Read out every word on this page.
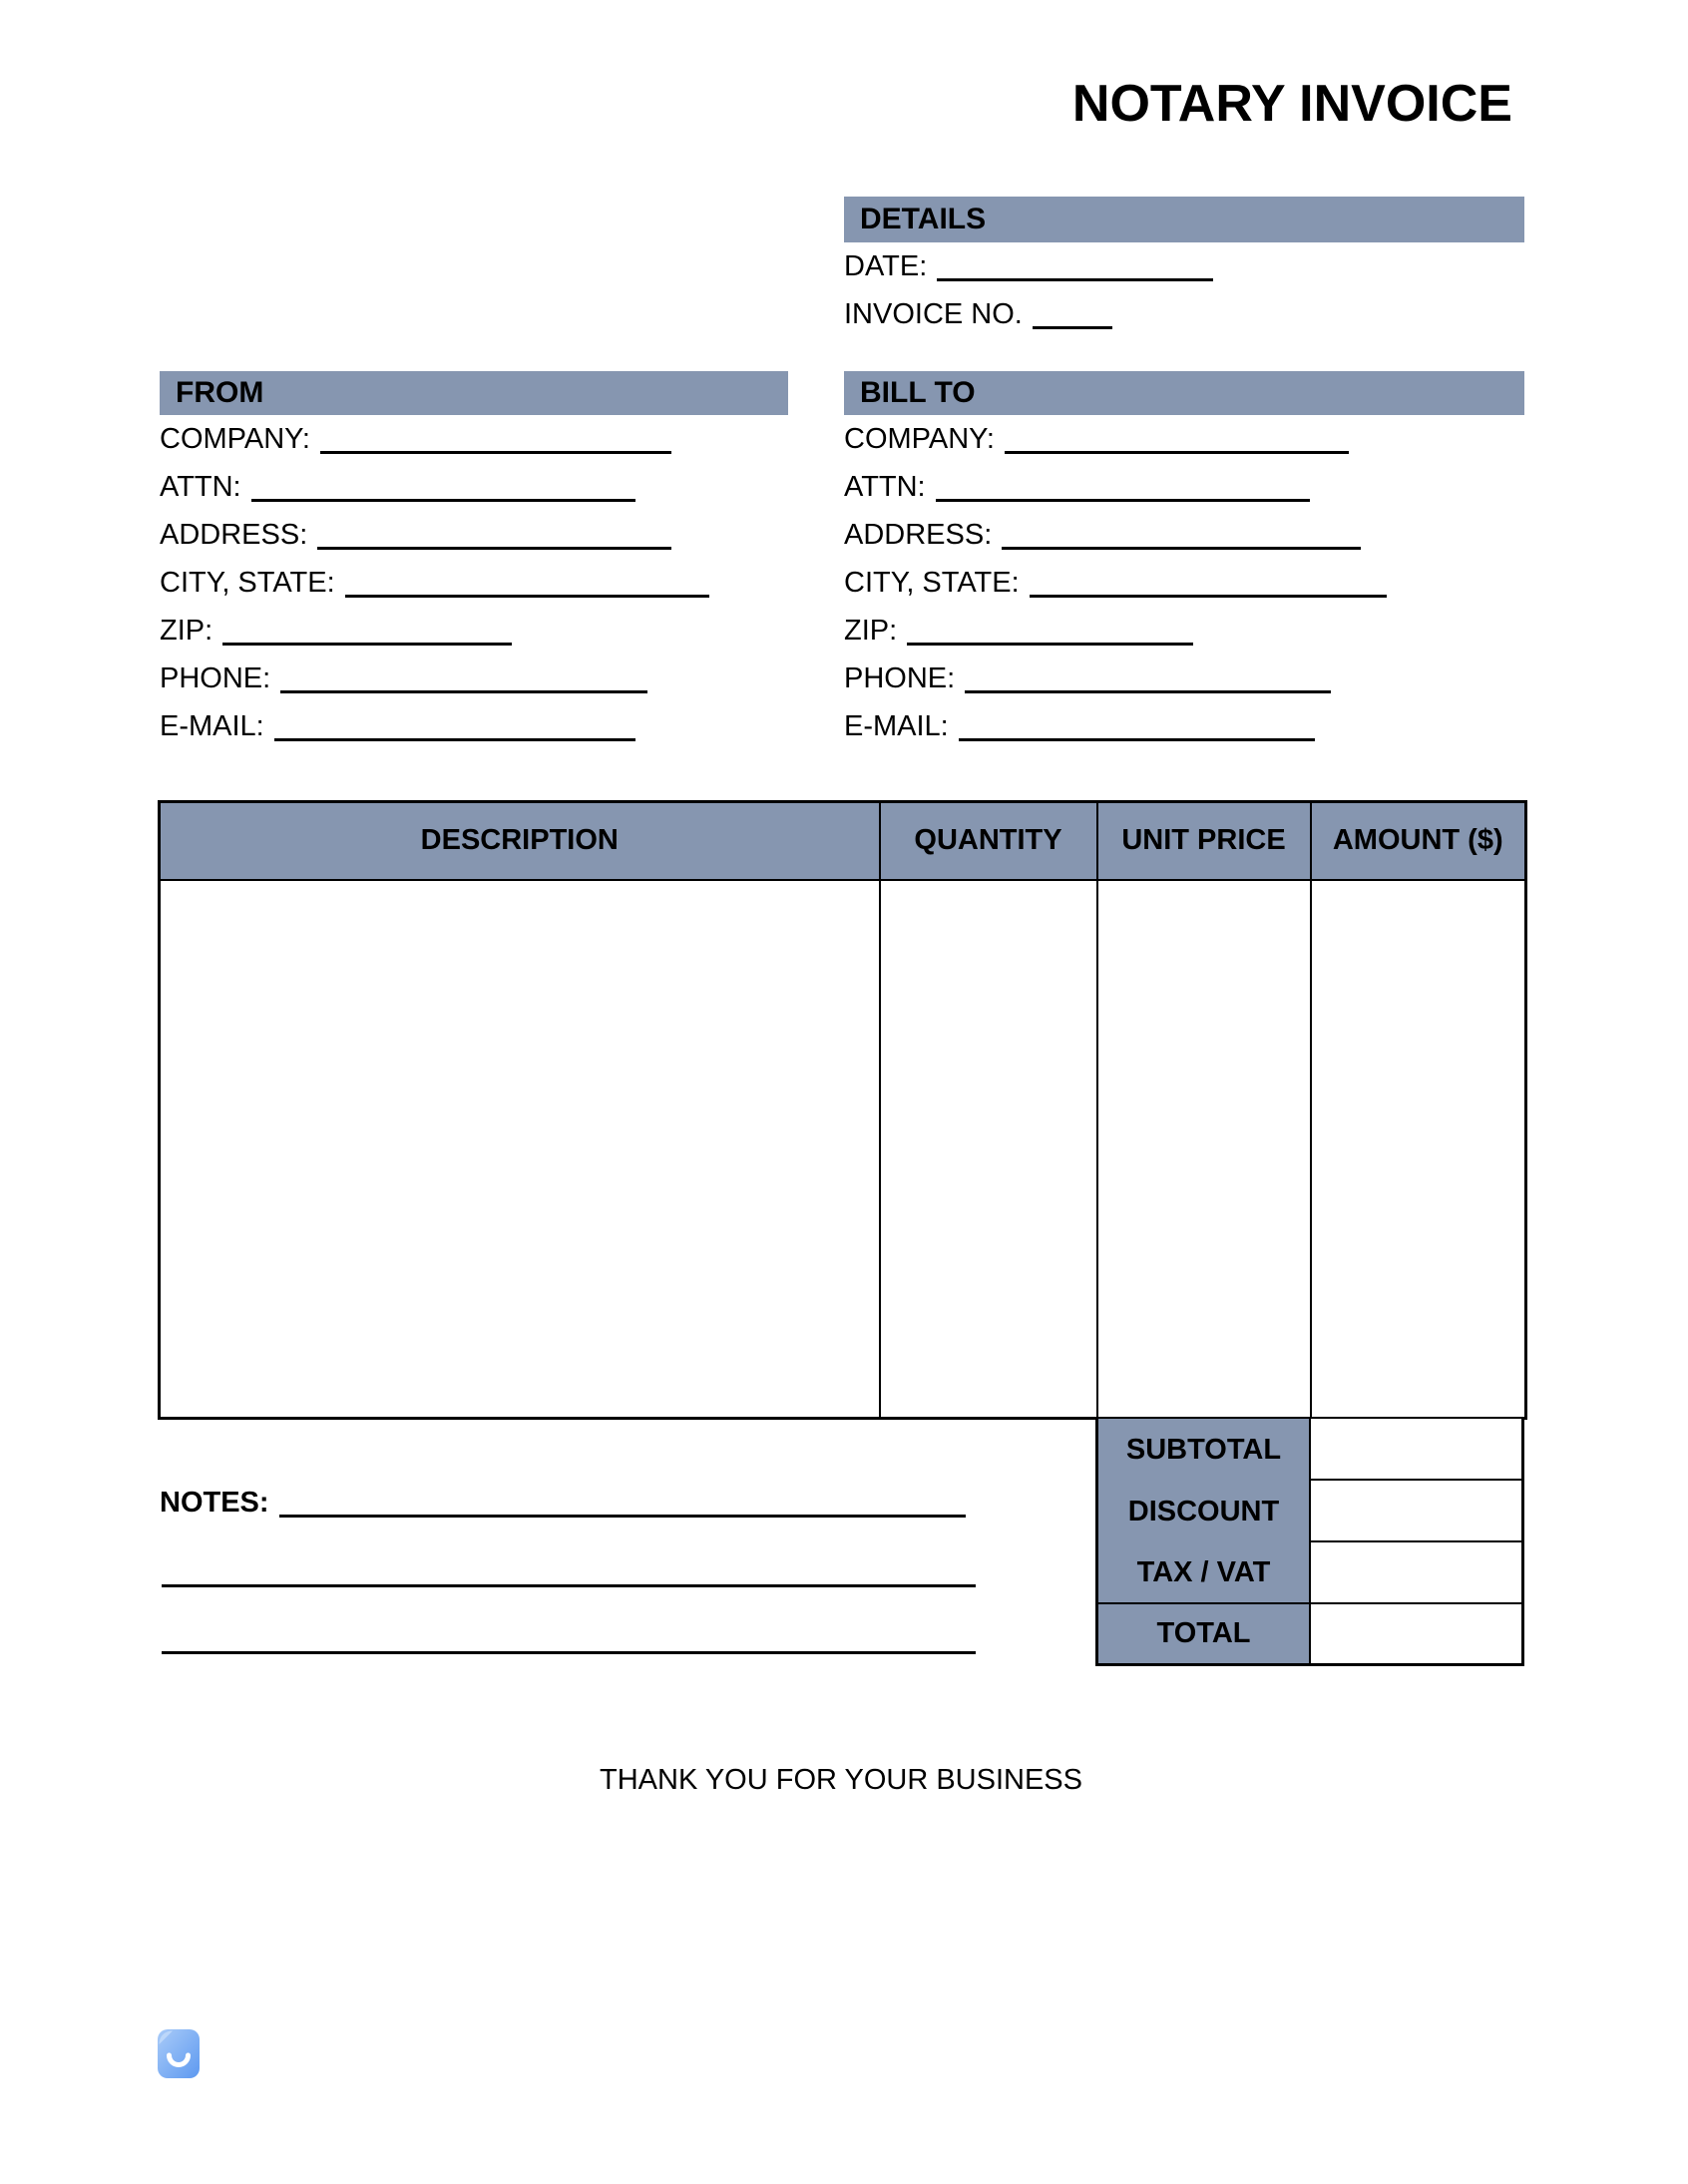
NOTARY INVOICE
DETAILS
DATE:
INVOICE NO.
FROM
COMPANY:
ATTN:
ADDRESS:
CITY, STATE:
ZIP:
PHONE:
E-MAIL:
BILL TO
COMPANY:
ATTN:
ADDRESS:
CITY, STATE:
ZIP:
PHONE:
E-MAIL:
DESCRIPTION	QUANTITY	UNIT PRICE	AMOUNT ($)

SUBTOTAL
DISCOUNT
TAX / VAT
TOTAL
NOTES:
THANK YOU FOR YOUR BUSINESS
